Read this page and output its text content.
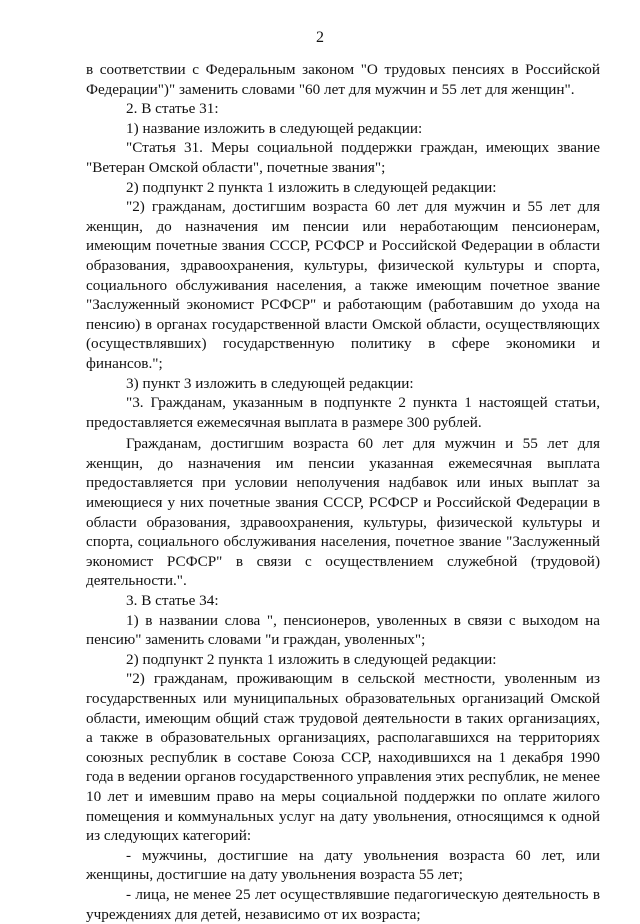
2

в соответствии с Федеральным законом "О трудовых пенсиях в Российской Федерации")" заменить словами "60 лет для мужчин и 55 лет для женщин".

2. В статье 31:

1) название изложить в следующей редакции:

"Статья 31. Меры социальной поддержки граждан, имеющих звание "Ветеран Омской области", почетные звания";

2) подпункт 2 пункта 1 изложить в следующей редакции:

"2) гражданам, достигшим возраста 60 лет для мужчин и 55 лет для женщин, до назначения им пенсии или неработающим пенсионерам, имеющим почетные звания СССР, РСФСР и Российской Федерации в области образования, здравоохранения, культуры, физической культуры и спорта, социального обслуживания населения, а также имеющим почетное звание "Заслуженный экономист РСФСР" и работающим (работавшим до ухода на пенсию) в органах государственной власти Омской области, осуществляющих (осуществлявших) государственную политику в сфере экономики и финансов.";

3) пункт 3 изложить в следующей редакции:

"3. Гражданам, указанным в подпункте 2 пункта 1 настоящей статьи, предоставляется ежемесячная выплата в размере 300 рублей.

Гражданам, достигшим возраста 60 лет для мужчин и 55 лет для женщин, до назначения им пенсии указанная ежемесячная выплата предоставляется при условии неполучения надбавок или иных выплат за имеющиеся у них почетные звания СССР, РСФСР и Российской Федерации в области образования, здравоохранения, культуры, физической культуры и спорта, социального обслуживания населения, почетное звание "Заслуженный экономист РСФСР" в связи с осуществлением служебной (трудовой) деятельности.".

3. В статье 34:

1) в названии слова ", пенсионеров, уволенных в связи с выходом на пенсию" заменить словами "и граждан, уволенных";

2) подпункт 2 пункта 1 изложить в следующей редакции:

"2) гражданам, проживающим в сельской местности, уволенным из государственных или муниципальных образовательных организаций Омской области, имеющим общий стаж трудовой деятельности в таких организациях, а также в образовательных организациях, располагавшихся на территориях союзных республик в составе Союза ССР, находившихся на 1 декабря 1990 года в ведении органов государственного управления этих республик, не менее 10 лет и имевшим право на меры социальной поддержки по оплате жилого помещения и коммунальных услуг на дату увольнения, относящимся к одной из следующих категорий:

- мужчины, достигшие на дату увольнения возраста 60 лет, или женщины, достигшие на дату увольнения возраста 55 лет;

- лица, не менее 25 лет осуществлявшие педагогическую деятельность в учреждениях для детей, независимо от их возраста;
